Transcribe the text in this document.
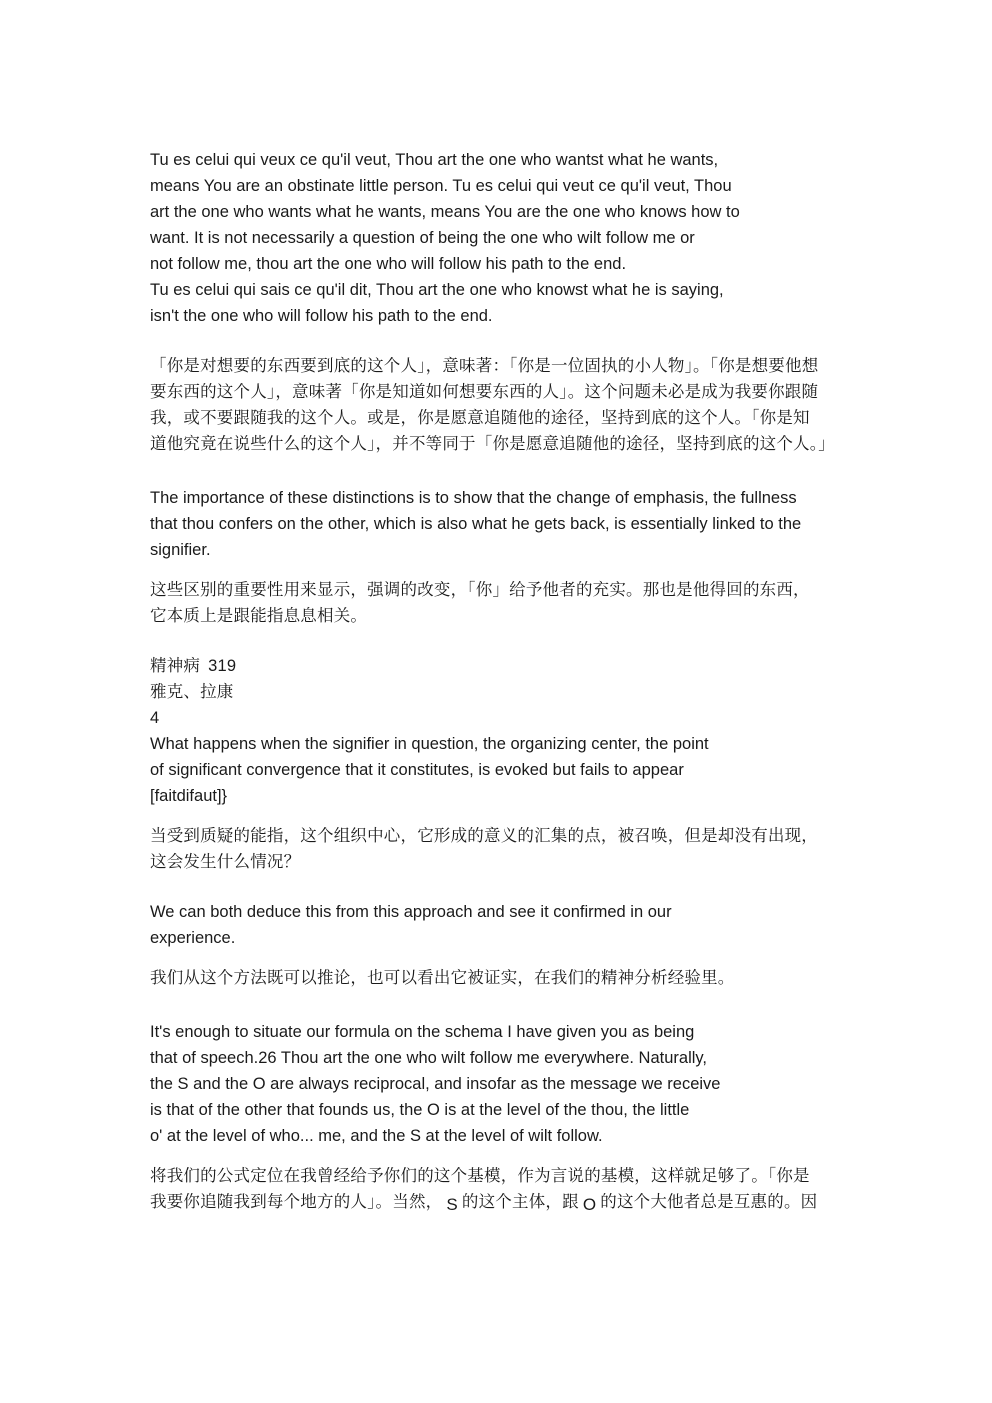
Tu es celui qui veux ce qu'il veut, Thou art the one who wantst what he wants,
means You are an obstinate little person. Tu es celui qui veut ce qu'il veut, Thou
art the one who wants what he wants, means You are the one who knows how to
want. It is not necessarily a question of being the one who wilt follow me or
not follow me, thou art the one who will follow his path to the end.
Tu es celui qui sais ce qu'il dit, Thou art the one who knowst what he is saying,
isn't the one who will follow his path to the end.
「你是对想要的东西要到底的这个人」，意味著：「你是一位固执的小人物」。「你是想要他想
要东西的这个人」，意味著「你是知道如何想要东西的人」。这个问题未必是成为我要你跟随
我，或不要跟随我的这个人。或是，你是愿意追随他的途径，坚持到底的这个人。「你是知
道他究竟在说些什么的这个人」，并不等同于「你是愿意追随他的途径，坚持到底的这个人。」
The importance of these distinctions is to show that the change of emphasis, the fullness
that thou confers on the other, which is also what he gets back, is essentially linked to the
signifier.
这些区别的重要性用来显示，强调的改变，「你」给予他者的充实。那也是他得回的东西，
它本质上是跟能指息息相关。
精神病 319
雅克、拉康
4
What happens when the signifier in question, the organizing center, the point
of significant convergence that it constitutes, is evoked but fails to appear
[faitdifaut]}
当受到质疑的能指，这个组织中心，它形成的意义的汇集的点，被召唤，但是却没有出现，
这会发生什么情况？
We can both deduce this from this approach and see it confirmed in our
experience.
我们从这个方法既可以推论，也可以看出它被证实，在我们的精神分析经验里。
It's enough to situate our formula on the schema I have given you as being
that of speech.26 Thou art the one who wilt follow me everywhere. Naturally,
the S and the O are always reciprocal, and insofar as the message we receive
is that of the other that founds us, the O is at the level of the thou, the little
o' at the level of who... me, and the S at the level of wilt follow.
将我们的公式定位在我曾经给予你们的这个基模，作为言说的基模，这样就足够了。「你是
我要你追随我到每个地方的人」。当然， S 的这个主体，跟 O 的这个大他者总是互惠的。因
